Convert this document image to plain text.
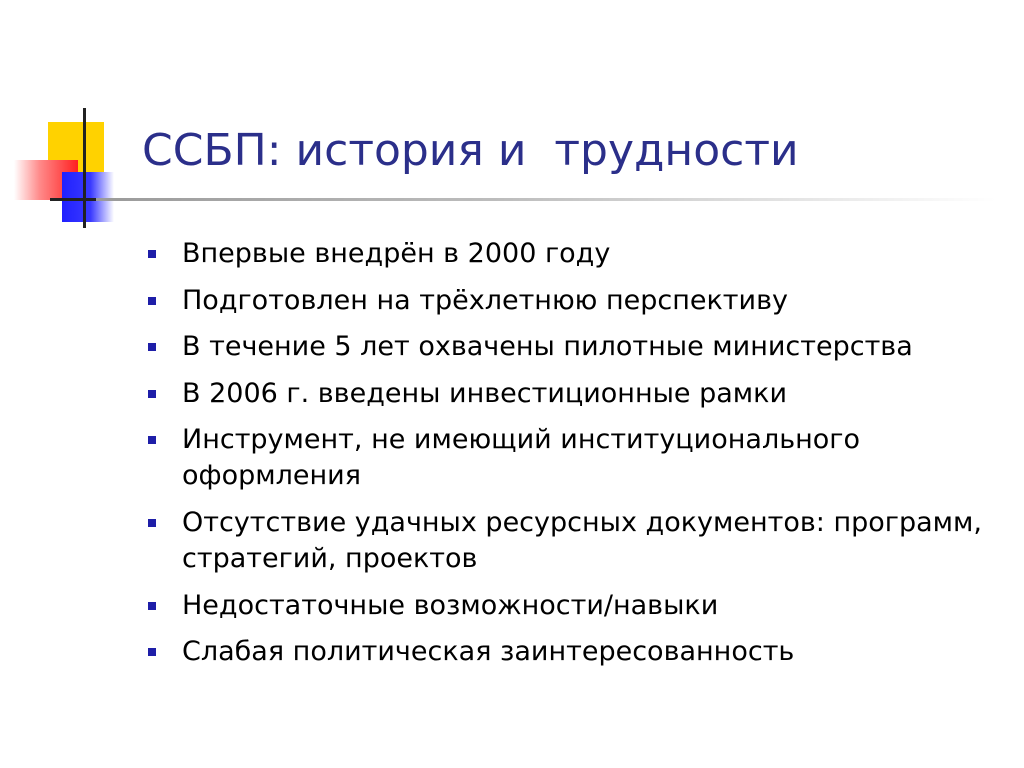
ССБП: история и  трудности
Впервые внедрён в 2000 году
Подготовлен на трёхлетнюю перспективу
В течение 5 лет охвачены пилотные министерства
В 2006 г. введены инвестиционные рамки
Инструмент, не имеющий институционального оформления
Отсутствие удачных ресурсных документов: программ, стратегий, проектов
Недостаточные возможности/навыки
Слабая политическая заинтересованность
